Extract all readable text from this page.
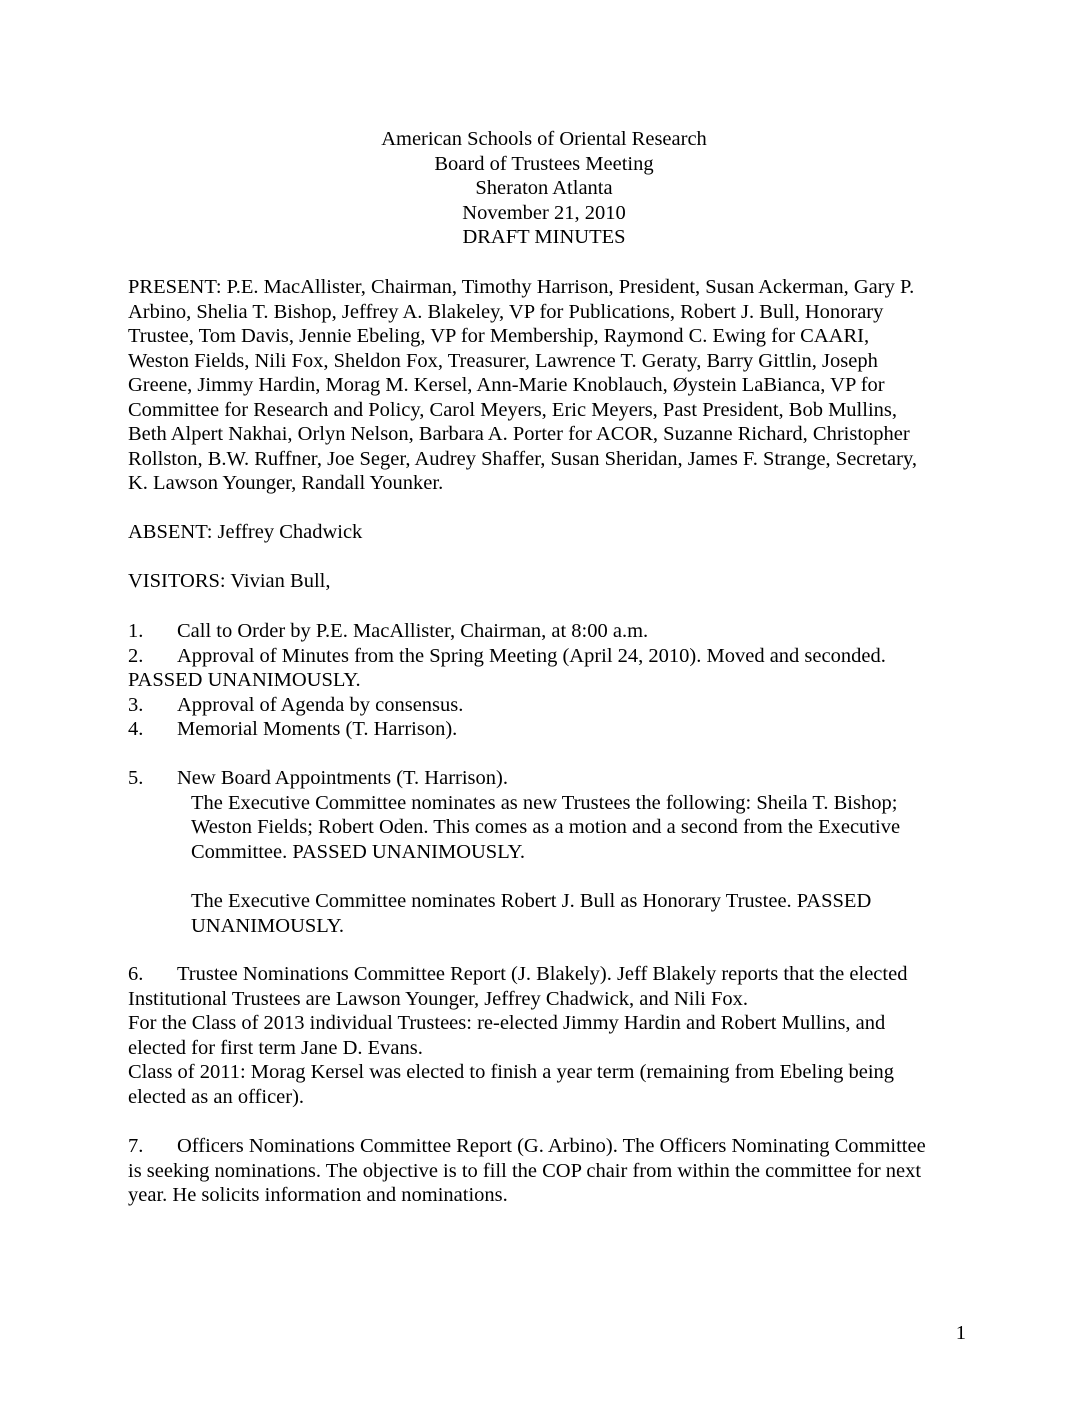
American Schools of Oriental Research
Board of Trustees Meeting
Sheraton Atlanta
November 21, 2010
DRAFT MINUTES
PRESENT: P.E. MacAllister, Chairman, Timothy Harrison, President, Susan Ackerman, Gary P.
Arbino, Shelia T. Bishop, Jeffrey A. Blakeley, VP for Publications, Robert J. Bull, Honorary
Trustee, Tom Davis, Jennie Ebeling, VP for Membership, Raymond C. Ewing for CAARI,
Weston Fields, Nili Fox, Sheldon Fox, Treasurer, Lawrence T. Geraty, Barry Gittlin, Joseph
Greene, Jimmy Hardin, Morag M. Kersel, Ann-Marie Knoblauch, Øystein LaBianca, VP for
Committee for Research and Policy, Carol Meyers, Eric Meyers, Past President, Bob Mullins,
Beth Alpert Nakhai, Orlyn Nelson, Barbara A. Porter for ACOR, Suzanne Richard, Christopher
Rollston, B.W. Ruffner, Joe Seger, Audrey Shaffer, Susan Sheridan, James F. Strange, Secretary,
K. Lawson Younger, Randall Younker.
ABSENT: Jeffrey Chadwick
VISITORS: Vivian Bull,
1. Call to Order by P.E. MacAllister, Chairman, at 8:00 a.m.
2. Approval of Minutes from the Spring Meeting (April 24, 2010). Moved and seconded.
PASSED UNANIMOUSLY.
3. Approval of Agenda by consensus.
4. Memorial Moments (T. Harrison).
5. New Board Appointments (T. Harrison).
The Executive Committee nominates as new Trustees the following: Sheila T. Bishop;
Weston Fields; Robert Oden. This comes as a motion and a second from the Executive
Committee. PASSED UNANIMOUSLY.
The Executive Committee nominates Robert J. Bull as Honorary Trustee. PASSED
UNANIMOUSLY.
6. Trustee Nominations Committee Report (J. Blakely). Jeff Blakely reports that the elected
Institutional Trustees are Lawson Younger, Jeffrey Chadwick, and Nili Fox.
For the Class of 2013 individual Trustees: re-elected Jimmy Hardin and Robert Mullins, and
elected for first term Jane D. Evans.
Class of 2011: Morag Kersel was elected to finish a year term (remaining from Ebeling being
elected as an officer).
7. Officers Nominations Committee Report (G. Arbino). The Officers Nominating Committee
is seeking nominations. The objective is to fill the COP chair from within the committee for next
year. He solicits information and nominations.
1
